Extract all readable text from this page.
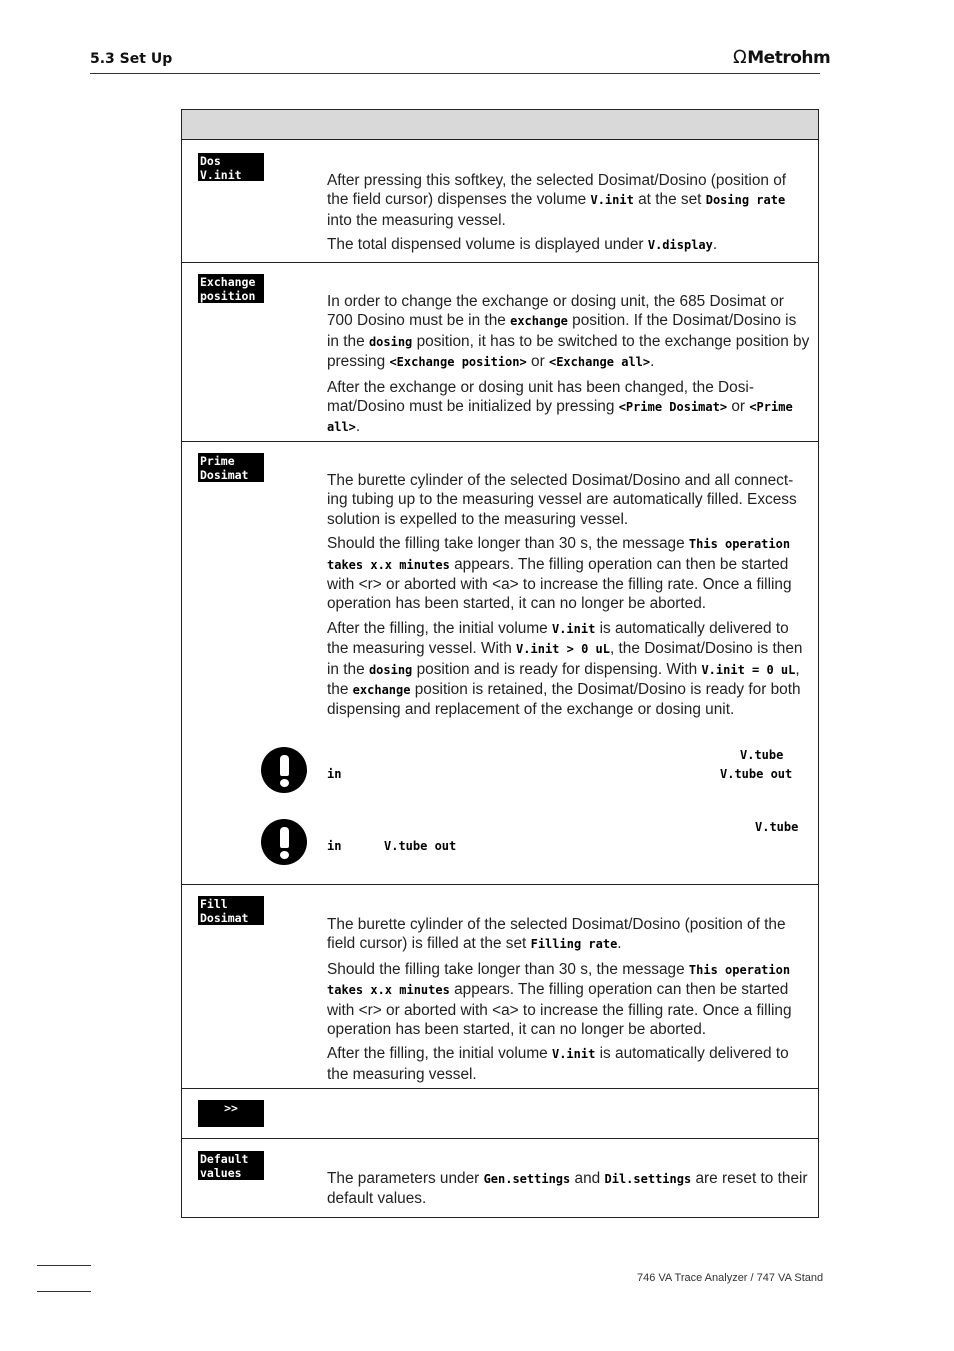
5.3 Set Up	ΩMetrohm
Dos
V.init	After pressing this softkey, the selected Dosimat/Dosino (position of the field cursor) dispenses the volume V.init at the set Dosing rate into the measuring vessel.

The total dispensed volume is displayed under V.display.

Exchange
position	In order to change the exchange or dosing unit, the 685 Dosimat or 700 Dosino must be in the exchange position. If the Dosimat/Dosino is in the dosing position, it has to be switched to the exchange position by pressing <Exchange position> or <Exchange all>.

After the exchange or dosing unit has been changed, the Dosi-mat/Dosino must be initialized by pressing <Prime Dosimat> or <Prime all>.

Prime
Dosimat	The burette cylinder of the selected Dosimat/Dosino and all connect-ing tubing up to the measuring vessel are automatically filled. Excess solution is expelled to the measuring vessel.

Should the filling take longer than 30 s, the message This operation takes x.x minutes appears. The filling operation can then be started with <r> or aborted with <a> to increase the filling rate. Once a filling operation has been started, it can no longer be aborted.

After the filling, the initial volume V.init is automatically delivered to the measuring vessel. With V.init > 0 uL, the Dosimat/Dosino is then in the dosing position and is ready for dispensing. With V.init = 0 uL, the exchange position is retained, the Dosimat/Dosino is ready for both dispensing and replacement of the exchange or dosing unit.

V.tube
in	V.tube out
V.tube
in	V.tube out
Fill
Dosimat	The burette cylinder of the selected Dosimat/Dosino (position of the field cursor) is filled at the set Filling rate.

Should the filling take longer than 30 s, the message This operation takes x.x minutes appears. The filling operation can then be started with <r> or aborted with <a> to increase the filling rate. Once a filling operation has been started, it can no longer be aborted.

After the filling, the initial volume V.init is automatically delivered to the measuring vessel.

>>
Default
values	The parameters under Gen.settings and Dil.settings are reset to their default values.

746 VA Trace Analyzer / 747 VA Stand
